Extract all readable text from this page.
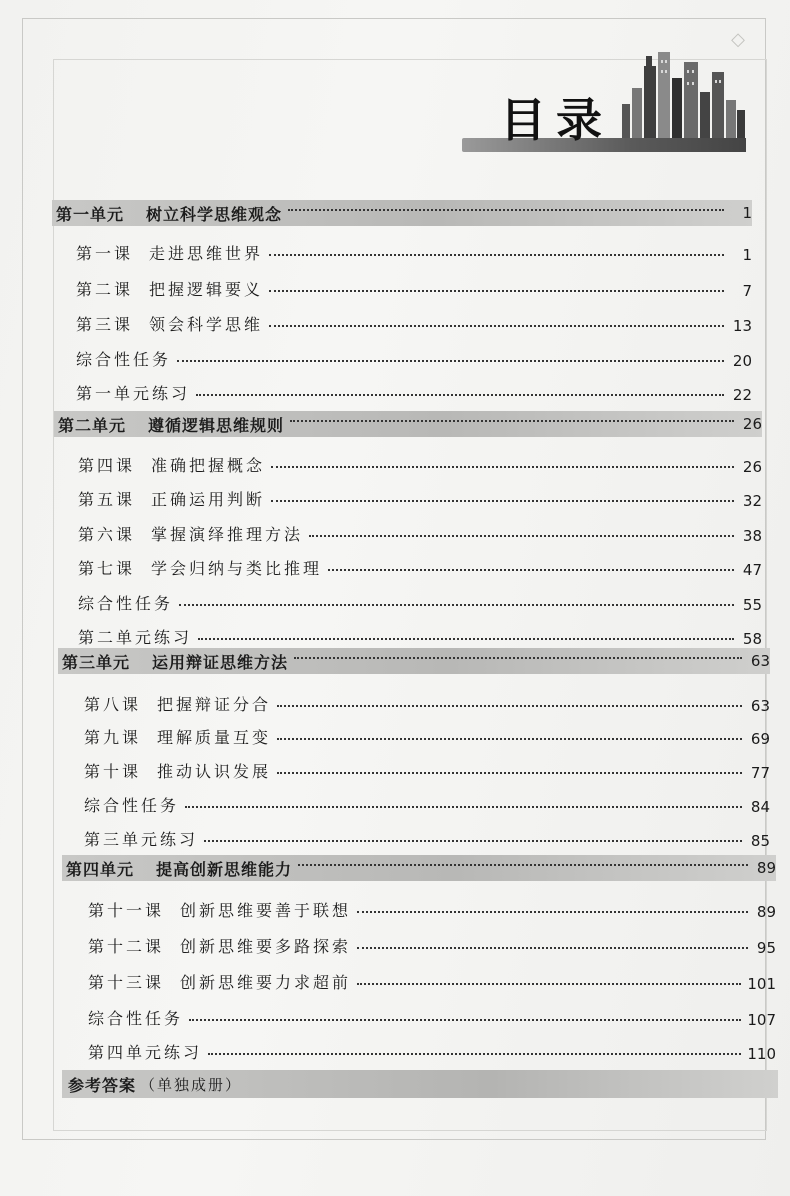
◇
目录
第一单元 树立科学思维观念	1
第一课 走进思维世界	1
第二课 把握逻辑要义	7
第三课 领会科学思维	13
综合性任务	20
第一单元练习	22
第二单元 遵循逻辑思维规则	26
第四课 准确把握概念	26
第五课 正确运用判断	32
第六课 掌握演绎推理方法	38
第七课 学会归纳与类比推理	47
综合性任务	55
第二单元练习	58
第三单元 运用辩证思维方法	63
第八课 把握辩证分合	63
第九课 理解质量互变	69
第十课 推动认识发展	77
综合性任务	84
第三单元练习	85
第四单元 提高创新思维能力	89
第十一课 创新思维要善于联想	89
第十二课 创新思维要多路探索	95
第十三课 创新思维要力求超前	101
综合性任务	107
第四单元练习	110
参考答案 （单独成册）
